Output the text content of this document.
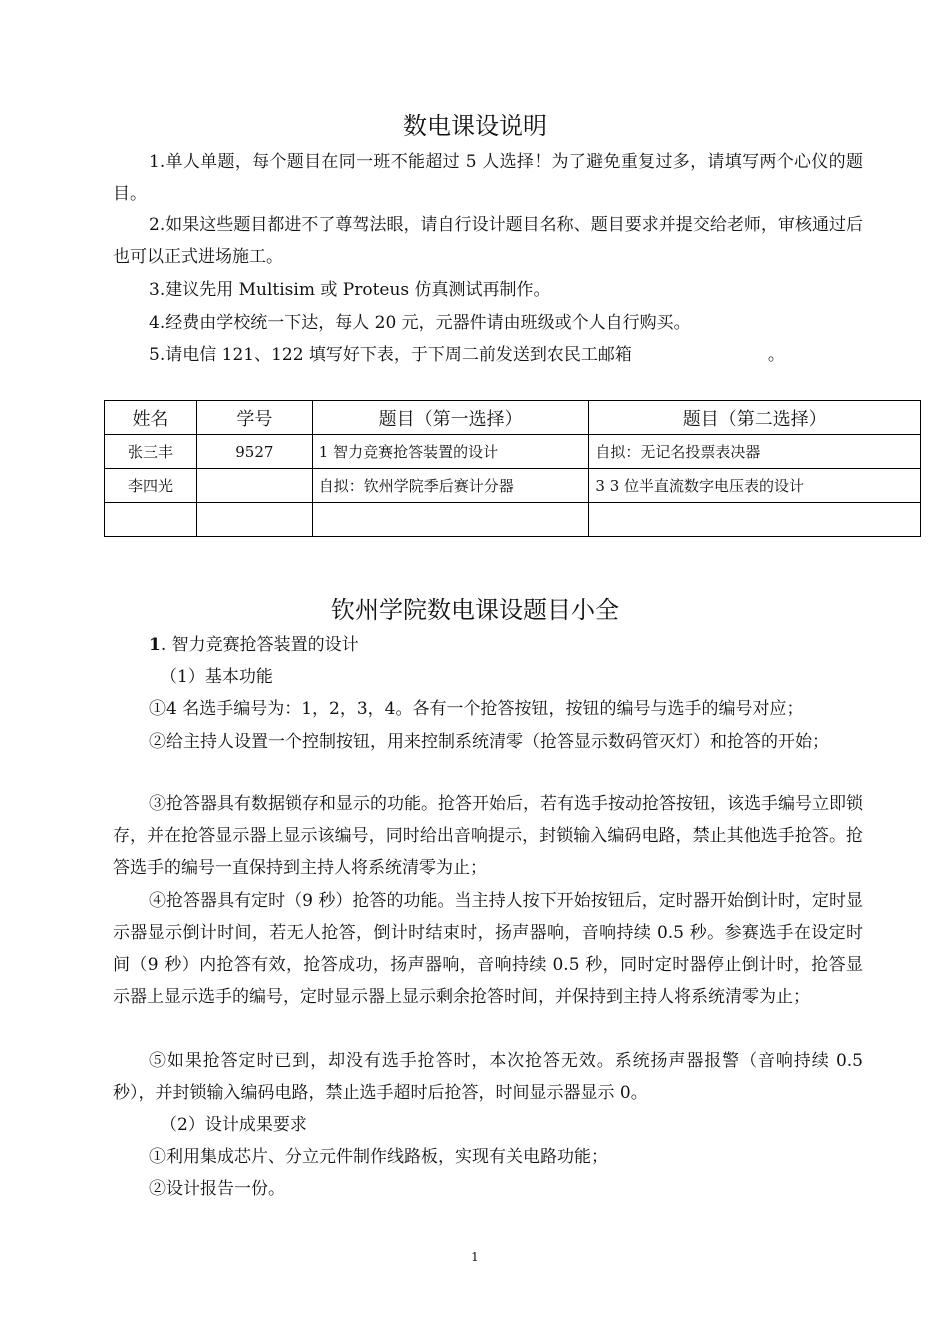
数电课设说明
1.单人单题，每个题目在同一班不能超过 5 人选择！为了避免重复过多，请填写两个心仪的题目。
2.如果这些题目都进不了尊驾法眼，请自行设计题目名称、题目要求并提交给老师，审核通过后也可以正式进场施工。
3.建议先用 Multisim 或 Proteus 仿真测试再制作。
4.经费由学校统一下达，每人 20 元，元器件请由班级或个人自行购买。
5.请电信 121、122 填写好下表，于下周二前发送到农民工邮箱　　　　　　　　。
姓名	学号	题目（第一选择）	题目（第二选择）
张三丰	9527	1 智力竞赛抢答装置的设计	自拟：无记名投票表决器
李四光		自拟：钦州学院季后赛计分器	3 3 位半直流数字电压表的设计

钦州学院数电课设题目小全
1. 智力竞赛抢答装置的设计
（1）基本功能
①4 名选手编号为：1，2，3，4。各有一个抢答按钮，按钮的编号与选手的编号对应；
②给主持人设置一个控制按钮，用来控制系统清零（抢答显示数码管灭灯）和抢答的开始；
③抢答器具有数据锁存和显示的功能。抢答开始后，若有选手按动抢答按钮，该选手编号立即锁存，并在抢答显示器上显示该编号，同时给出音响提示，封锁输入编码电路，禁止其他选手抢答。抢答选手的编号一直保持到主持人将系统清零为止；
④抢答器具有定时（9 秒）抢答的功能。当主持人按下开始按钮后，定时器开始倒计时，定时显示器显示倒计时间，若无人抢答，倒计时结束时，扬声器响，音响持续 0.5 秒。参赛选手在设定时间（9 秒）内抢答有效，抢答成功，扬声器响，音响持续 0.5 秒，同时定时器停止倒计时，抢答显示器上显示选手的编号，定时显示器上显示剩余抢答时间，并保持到主持人将系统清零为止；
⑤如果抢答定时已到，却没有选手抢答时，本次抢答无效。系统扬声器报警（音响持续 0.5 秒），并封锁输入编码电路，禁止选手超时后抢答，时间显示器显示 0。
（2）设计成果要求
①利用集成芯片、分立元件制作线路板，实现有关电路功能；
②设计报告一份。
1
